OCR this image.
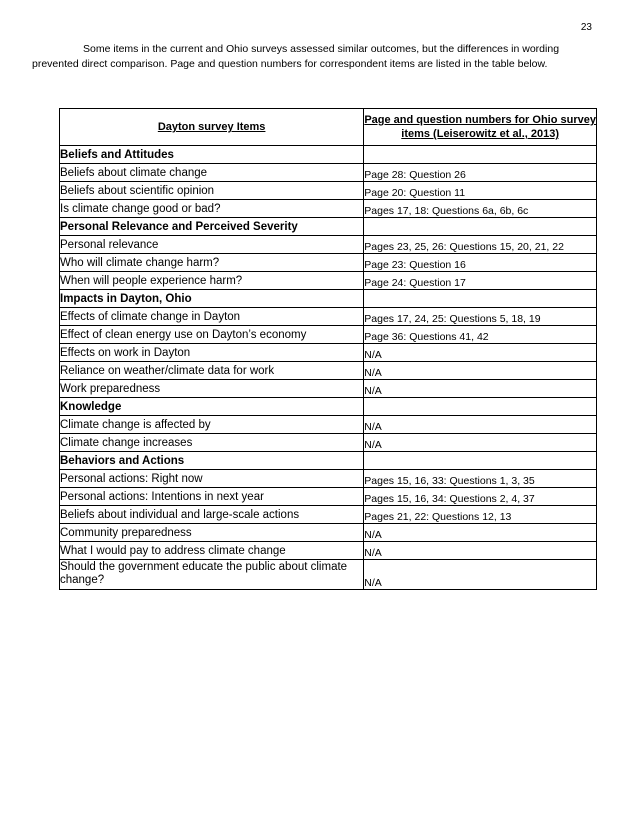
23

Some items in the current and Ohio surveys assessed similar outcomes, but the differences in wording prevented direct comparison. Page and question numbers for correspondent items are listed in the table below.

Dayton survey Items	Page and question numbers for Ohio survey items (Leiserowitz et al., 2013)
Beliefs and Attitudes	
Beliefs about climate change	Page 28: Question 26
Beliefs about scientific opinion	Page 20: Question 11
Is climate change good or bad?	Pages 17, 18: Questions 6a, 6b, 6c
Personal Relevance and Perceived Severity	
Personal relevance	Pages 23, 25, 26: Questions 15, 20, 21, 22
Who will climate change harm?	Page 23: Question 16
When will people experience harm?	Page 24: Question 17
Impacts in Dayton, Ohio	
Effects of climate change in Dayton	Pages 17, 24, 25: Questions 5, 18, 19
Effect of clean energy use on Dayton’s economy	Page 36: Questions 41, 42
Effects on work in Dayton	N/A
Reliance on weather/climate data for work	N/A
Work preparedness	N/A
Knowledge	
Climate change is affected by	N/A
Climate change increases	N/A
Behaviors and Actions	
Personal actions: Right now	Pages 15, 16, 33: Questions 1, 3, 35
Personal actions: Intentions in next year	Pages 15, 16, 34: Questions 2, 4, 37
Beliefs about individual and large-scale actions	Pages 21, 22: Questions 12, 13
Community preparedness	N/A
What I would pay to address climate change	N/A
Should the government educate the public about climate change?	N/A
